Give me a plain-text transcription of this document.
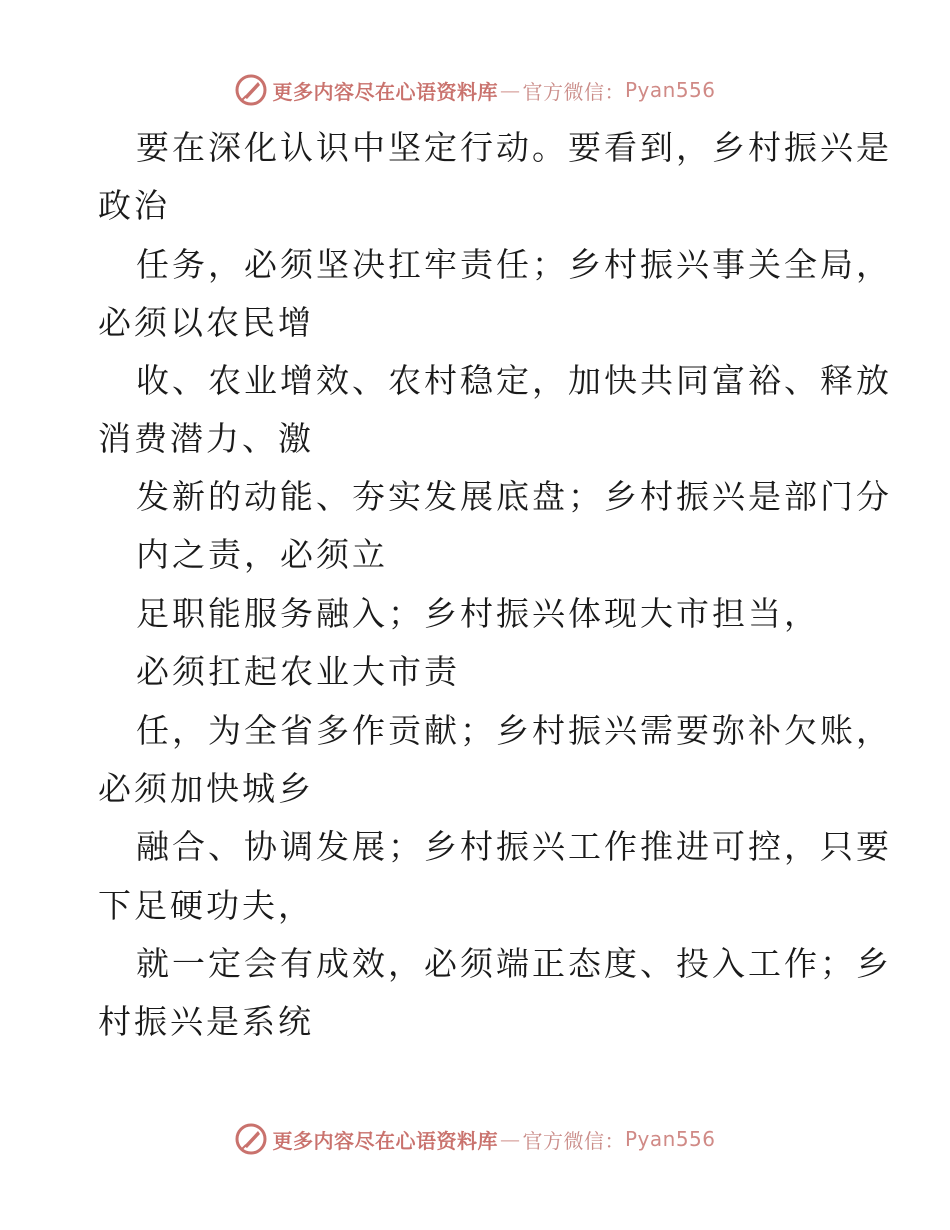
更多内容尽在心语资料库 — 官方微信： Pyan556
要在深化认识中坚定行动。要看到，乡村振兴是
政治
任务，必须坚决扛牢责任；乡村振兴事关全局，
必须以农民增
收、农业增效、农村稳定，加快共同富裕、释放
消费潜力、激
发新的动能、夯实发展底盘；乡村振兴是部门分
内之责，必须立
足职能服务融入；乡村振兴体现大市担当，
必须扛起农业大市责
任，为全省多作贡献；乡村振兴需要弥补欠账，
必须加快城乡
融合、协调发展；乡村振兴工作推进可控，只要
下足硬功夫，
就一定会有成效，必须端正态度、投入工作；乡
村振兴是系统
更多内容尽在心语资料库 — 官方微信： Pyan556
